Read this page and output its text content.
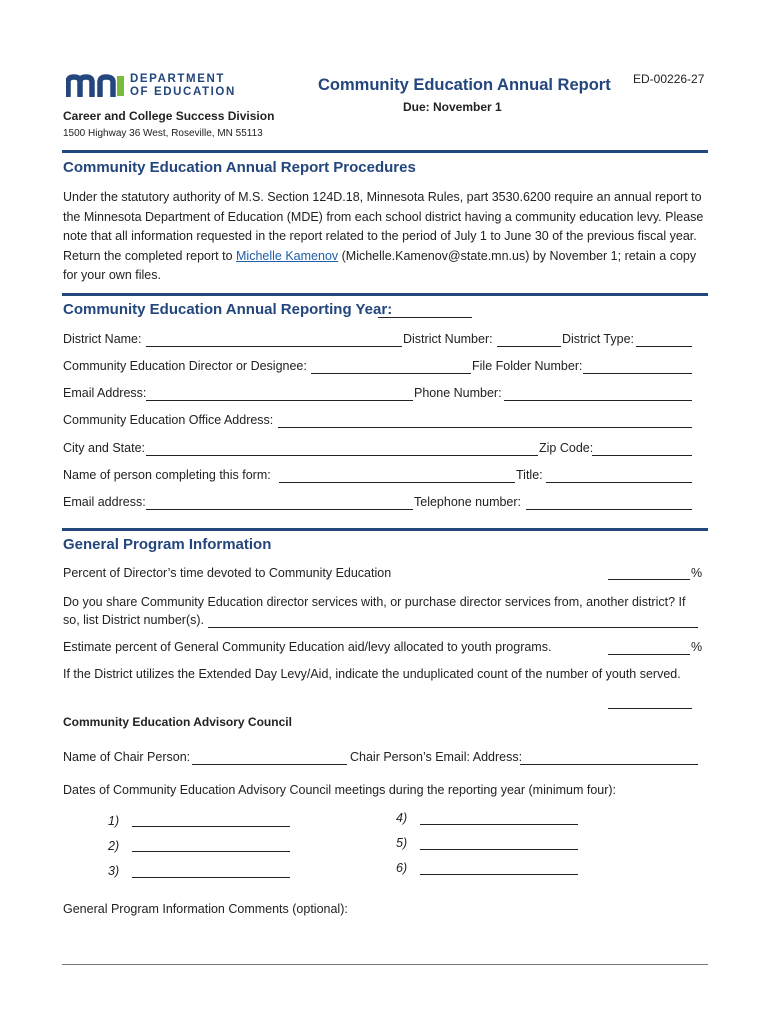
DEPARTMENT
OF EDUCATION
Career and College Success Division
1500 Highway 36 West, Roseville, MN 55113
Community Education Annual Report
Due: November 1
ED-00226-27
Community Education Annual Report Procedures
Under the statutory authority of M.S. Section 124D.18, Minnesota Rules, part 3530.6200 require an annual report to the Minnesota Department of Education (MDE) from each school district having a community education levy. Please note that all information requested in the report related to the period of July 1 to June 30 of the previous fiscal year. Return the completed report to Michelle Kamenov (Michelle.Kamenov@state.mn.us) by November 1; retain a copy for your own files.
Community Education Annual Reporting Year:
District Name:	District Number:	District Type:
Community Education Director or Designee:	File Folder Number:
Email Address:	Phone Number:
Community Education Office Address:
City and State:	Zip Code:
Name of person completing this form:	Title:
Email address:	Telephone number:
General Program Information
Percent of Director’s time devoted to Community Education	%
Do you share Community Education director services with, or purchase director services from, another district? If
so, list District number(s).
Estimate percent of General Community Education aid/levy allocated to youth programs.	%
If the District utilizes the Extended Day Levy/Aid, indicate the unduplicated count of the number of youth served.
Community Education Advisory Council
Name of Chair Person:	Chair Person’s Email: Address:
Dates of Community Education Advisory Council meetings during the reporting year (minimum four):
1)
2)
3)
4)
5)
6)
General Program Information Comments (optional):
